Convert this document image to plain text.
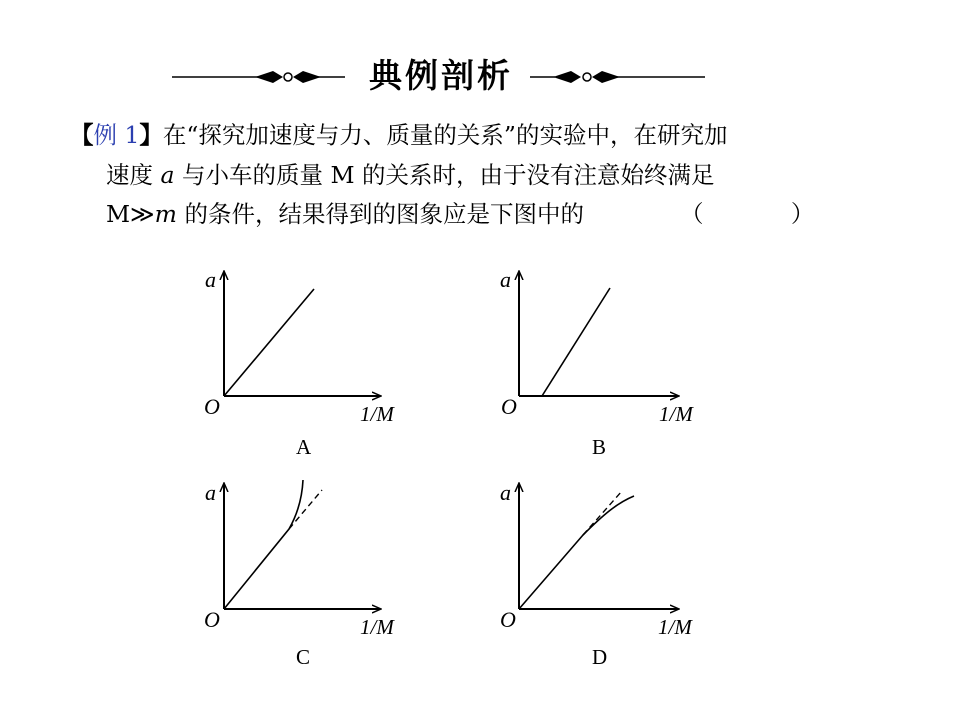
典例剖析
【例 1】在“探究加速度与力、质量的关系”的实验中，在研究加
速度 a 与小车的质量 M 的关系时，由于没有注意始终满足
M≫m 的条件，结果得到的图象应是下图中的	（ ）
a
O	1/M
A
a
O	1/M
B
a
O	1/M
C
a
O	1/M
D
